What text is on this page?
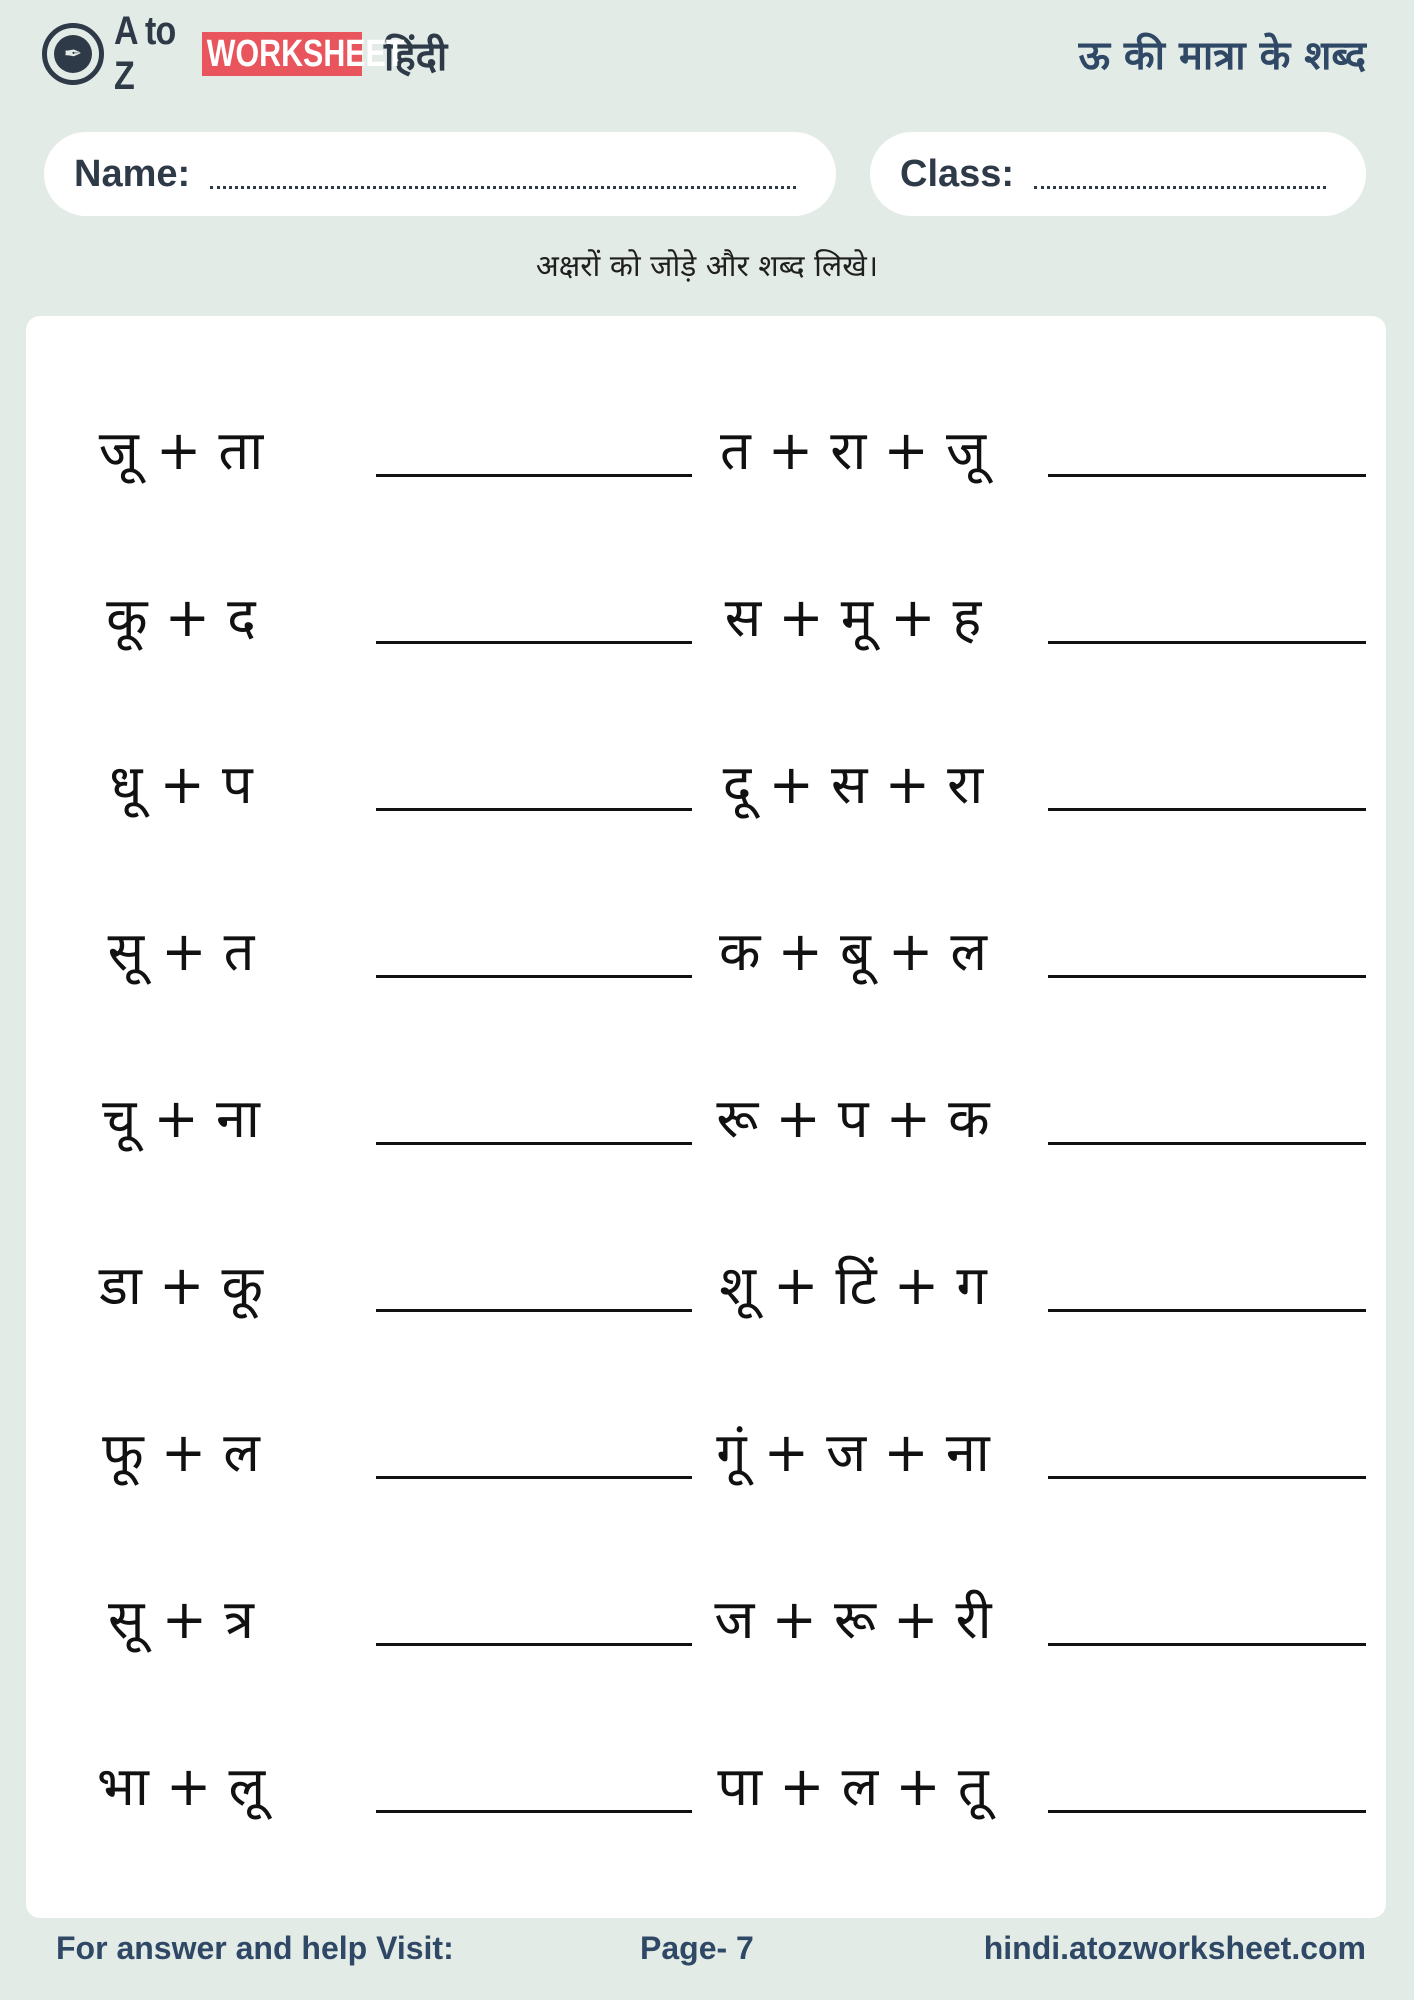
✒
A to Z	WORKSHEET
हिंदी	ऊ की मात्रा के शब्द
Name:	Class:
अक्षरों को जोड़े और शब्द लिखे।
जू + ता	त + रा + जू
कू + द	स + मू + ह
धू + प	दू + स + रा
सू + त	क + बू + ल
चू + ना	रू + प + क
डा + कू	शू + टिं + ग
फू + ल	गूं + ज + ना
सू + त्र	ज + रू + री
भा + लू	पा + ल + तू
For answer and help Visit:	Page- 7	hindi.atozworksheet.com
